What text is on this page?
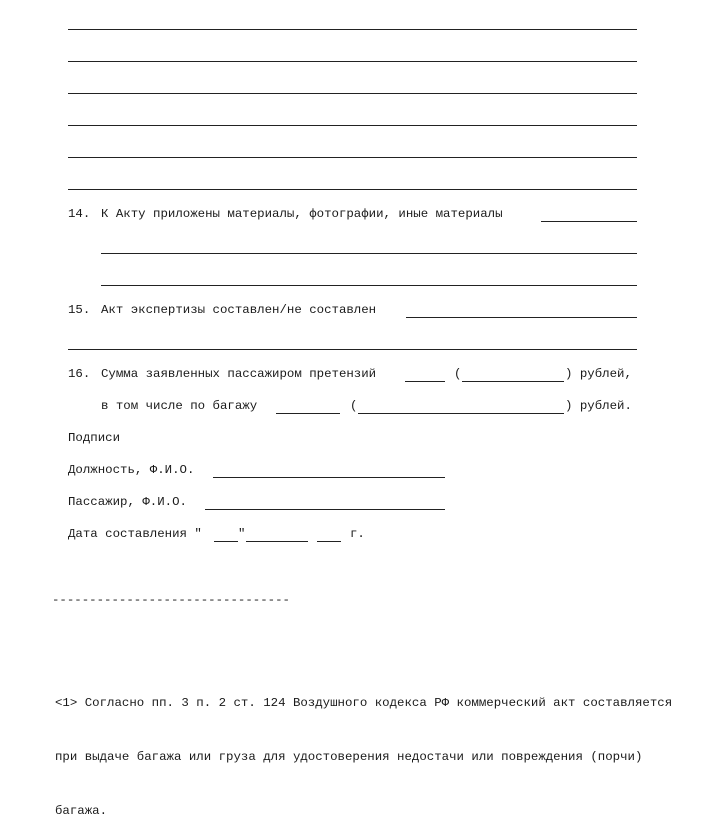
14. К Акту приложены материалы, фотографии, иные материалы
15. Акт экспертизы составлен/не составлен
16. Сумма заявленных пассажиром претензий	(	) рублей,
в том числе по багажу	(	) рублей.
Подписи
Должность, Ф.И.О.
Пассажир, Ф.И.О.
Дата составления "	"	г.
--------------------------------

<1> Согласно пп. 3 п. 2 ст. 124 Воздушного кодекса РФ коммерческий акт составляется

при выдаче багажа или груза для удостоверения недостачи или повреждения (порчи)

багажа.
